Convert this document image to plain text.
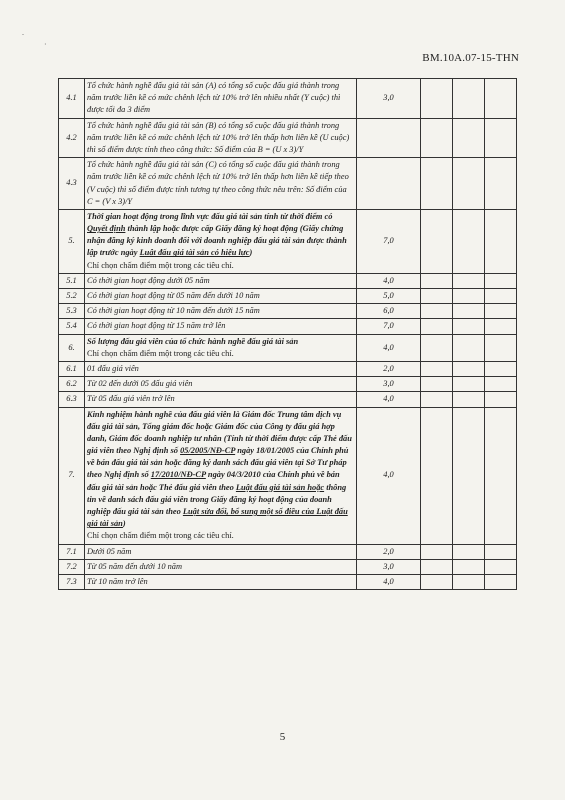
BM.10A.07-15-THN
4.1	Tổ chức hành nghề đấu giá tài sản (A) có tổng số cuộc đấu giá thành trong năm trước liền kề có mức chênh lệch từ 10% trở lên nhiều nhất (Y cuộc) thì được tối đa 3 điểm	3,0			
4.2	Tổ chức hành nghề đấu giá tài sản (B) có tổng số cuộc đấu giá thành trong năm trước liền kề có mức chênh lệch từ 10% trở lên thấp hơn liền kề (U cuộc) thì số điểm được tính theo công thức: Số điểm của B = (U x 3)/Y				
4.3	Tổ chức hành nghề đấu giá tài sản (C) có tổng số cuộc đấu giá thành trong năm trước liền kề có mức chênh lệch từ 10% trở lên thấp hơn liền kề tiếp theo (V cuộc) thì số điểm được tính tương tự theo công thức nêu trên: Số điểm của C = (V x 3)/Y				
5.	Thời gian hoạt động trong lĩnh vực đấu giá tài sản tính từ thời điểm có Quyết định thành lập hoặc được cấp Giấy đăng ký hoạt động (Giấy chứng nhận đăng ký kinh doanh đối với doanh nghiệp đấu giá tài sản được thành lập trước ngày Luật đấu giá tài sản có hiệu lực)
Chỉ chọn chấm điểm một trong các tiêu chí.	7,0			
5.1	Có thời gian hoạt động dưới 05 năm	4,0			
5.2	Có thời gian hoạt động từ 05 năm đến dưới 10 năm	5,0			
5.3	Có thời gian hoạt động từ 10 năm đến dưới 15 năm	6,0			
5.4	Có thời gian hoạt động từ 15 năm trở lên	7,0			
6.	Số lượng đấu giá viên của tổ chức hành nghề đấu giá tài sản
Chỉ chọn chấm điểm một trong các tiêu chí.	4,0			
6.1	01 đấu giá viên	2,0			
6.2	Từ 02 đến dưới 05 đấu giá viên	3,0			
6.3	Từ 05 đấu giá viên trở lên	4,0			
7.	Kinh nghiệm hành nghề của đấu giá viên là Giám đốc Trung tâm dịch vụ đấu giá tài sản, Tổng giám đốc hoặc Giám đốc của Công ty đấu giá hợp danh, Giám đốc doanh nghiệp tư nhân (Tính từ thời điểm được cấp Thẻ đấu giá viên theo Nghị định số 05/2005/NĐ-CP ngày 18/01/2005 của Chính phủ về bán đấu giá tài sản hoặc đăng ký danh sách đấu giá viên tại Sở Tư pháp theo Nghị định số 17/2010/NĐ-CP ngày 04/3/2010 của Chính phủ về bán đấu giá tài sản hoặc Thẻ đấu giá viên theo Luật đấu giá tài sản hoặc thông tin về danh sách đấu giá viên trong Giấy đăng ký hoạt động của doanh nghiệp đấu giá tài sản theo Luật sửa đổi, bổ sung một số điều của Luật đấu giá tài sản)
Chỉ chọn chấm điểm một trong các tiêu chí.	4,0			
7.1	Dưới 05 năm	2,0			
7.2	Từ 05 năm đến dưới 10 năm	3,0			
7.3	Từ 10 năm trở lên	4,0			
5
.
·
